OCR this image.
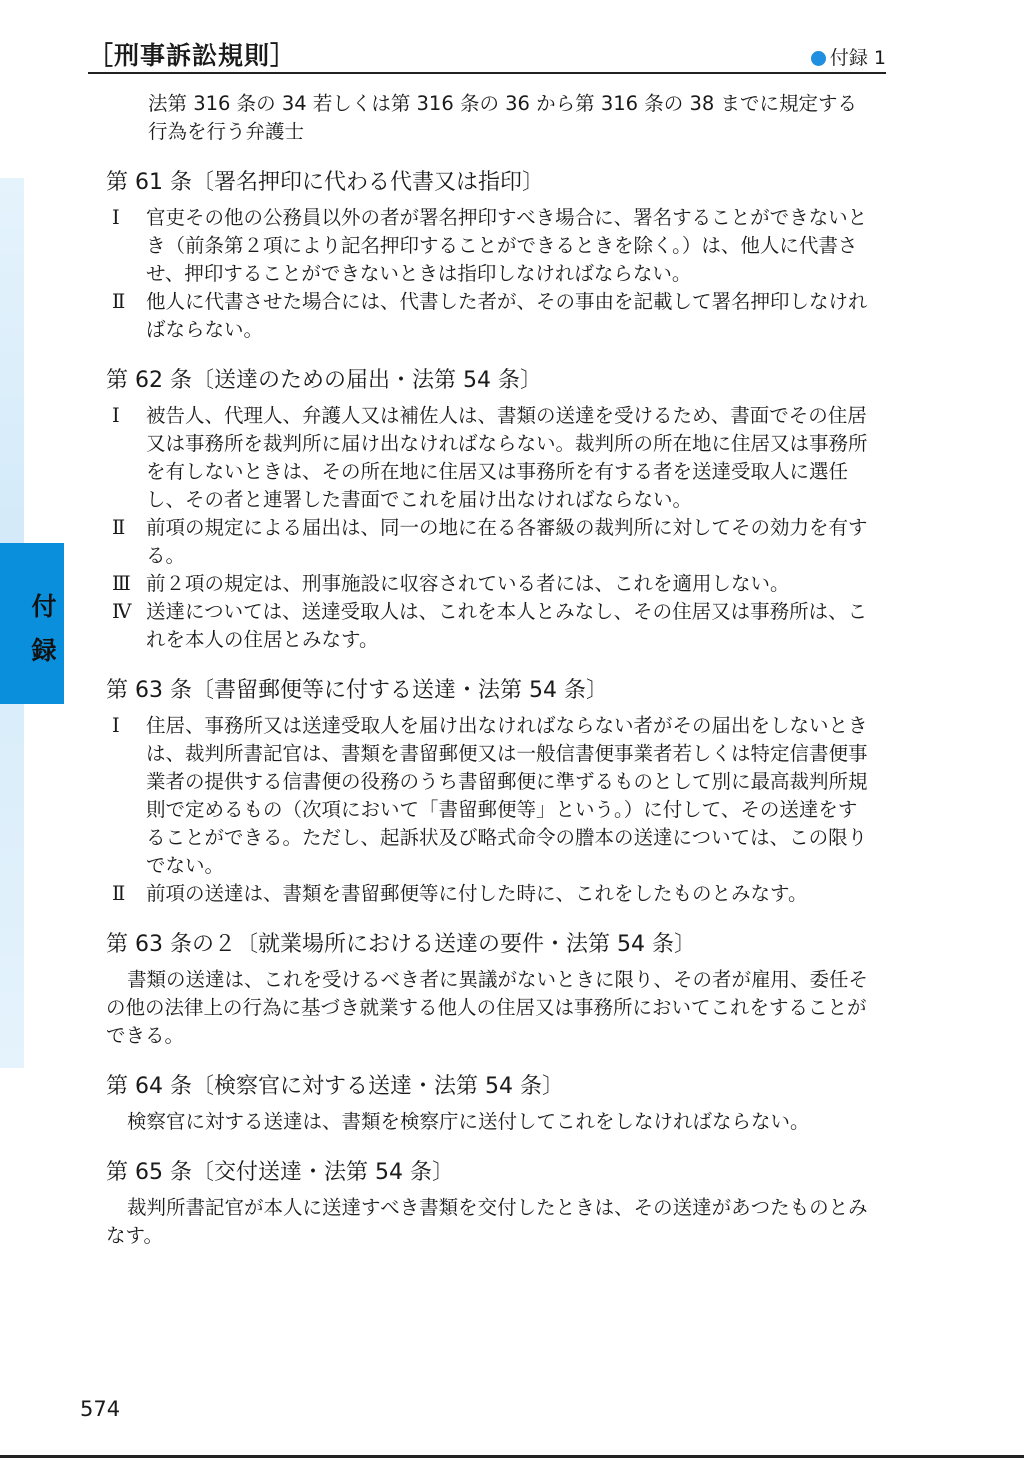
［刑事訴訟規則］	付録 1
付録

法第 316 条の 34 若しくは第 316 条の 36 から第 316 条の 38 までに規定する行為を行う弁護士

第 61 条〔署名押印に代わる代書又は指印〕

Ⅰ	官吏その他の公務員以外の者が署名押印すべき場合に、署名することができないとき（前条第２項により記名押印することができるときを除く。）は、他人に代書させ、押印することができないときは指印しなければならない。
Ⅱ	他人に代書させた場合には、代書した者が、その事由を記載して署名押印しなければならない。

第 62 条〔送達のための届出・法第 54 条〕

Ⅰ	被告人、代理人、弁護人又は補佐人は、書類の送達を受けるため、書面でその住居又は事務所を裁判所に届け出なければならない。裁判所の所在地に住居又は事務所を有しないときは、その所在地に住居又は事務所を有する者を送達受取人に選任し、その者と連署した書面でこれを届け出なければならない。
Ⅱ	前項の規定による届出は、同一の地に在る各審級の裁判所に対してその効力を有する。
Ⅲ 前２項の規定は、刑事施設に収容されている者には、これを適用しない。
Ⅳ 送達については、送達受取人は、これを本人とみなし、その住居又は事務所は、これを本人の住居とみなす。

第 63 条〔書留郵便等に付する送達・法第 54 条〕

Ⅰ	住居、事務所又は送達受取人を届け出なければならない者がその届出をしないときは、裁判所書記官は、書類を書留郵便又は一般信書便事業者若しくは特定信書便事業者の提供する信書便の役務のうち書留郵便に準ずるものとして別に最高裁判所規則で定めるもの（次項において「書留郵便等」という。）に付して、その送達をすることができる。ただし、起訴状及び略式命令の謄本の送達については、この限りでない。
Ⅱ	前項の送達は、書類を書留郵便等に付した時に、これをしたものとみなす。

第 63 条の２〔就業場所における送達の要件・法第 54 条〕

書類の送達は、これを受けるべき者に異議がないときに限り、その者が雇用、委任その他の法律上の行為に基づき就業する他人の住居又は事務所においてこれをすることができる。

第 64 条〔検察官に対する送達・法第 54 条〕

検察官に対する送達は、書類を検察庁に送付してこれをしなければならない。

第 65 条〔交付送達・法第 54 条〕

裁判所書記官が本人に送達すべき書類を交付したときは、その送達があつたものとみなす。

574
